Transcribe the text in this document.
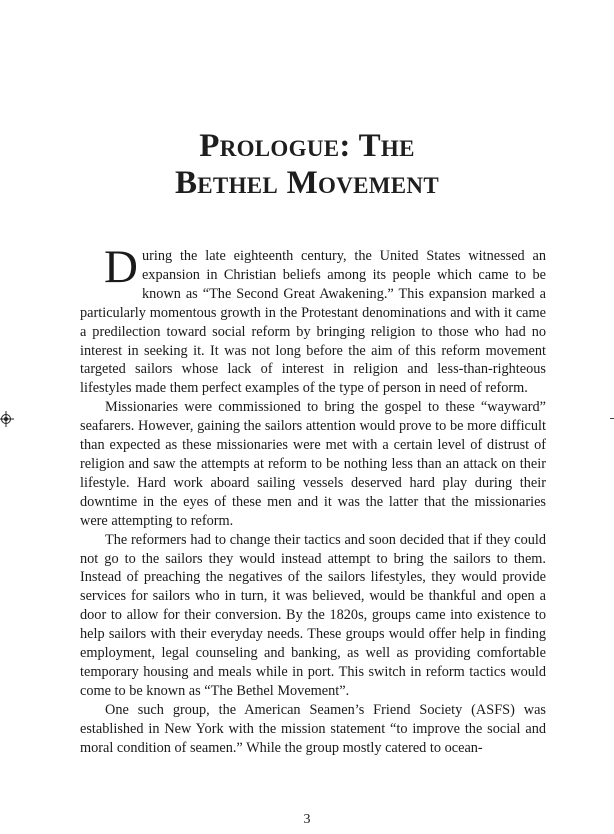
Prologue: The
Bethel Movement

During the late eighteenth century, the United States witnessed an expansion in Christian beliefs among its people which came to be known as “The Second Great Awakening.” This expansion marked a particularly momentous growth in the Protestant denominations and with it came a predilection toward social reform by bringing religion to those who had no interest in seeking it. It was not long before the aim of this reform movement targeted sailors whose lack of interest in religion and less-than-righteous lifestyles made them perfect examples of the type of person in need of reform.

Missionaries were commissioned to bring the gospel to these “wayward” seafarers. However, gaining the sailors attention would prove to be more difficult than expected as these missionaries were met with a certain level of distrust of religion and saw the attempts at reform to be nothing less than an attack on their lifestyle. Hard work aboard sailing vessels deserved hard play during their downtime in the eyes of these men and it was the latter that the missionaries were attempting to reform.

The reformers had to change their tactics and soon decided that if they could not go to the sailors they would instead attempt to bring the sailors to them. Instead of preaching the negatives of the sailors lifestyles, they would provide services for sailors who in turn, it was believed, would be thankful and open a door to allow for their conversion. By the 1820s, groups came into existence to help sailors with their everyday needs. These groups would offer help in finding employment, legal counseling and banking, as well as providing comfortable temporary housing and meals while in port. This switch in reform tactics would come to be known as “The Bethel Movement”.

One such group, the American Seamen’s Friend Society (ASFS) was established in New York with the mission statement “to improve the social and moral condition of seamen.” While the group mostly catered to ocean-

3
